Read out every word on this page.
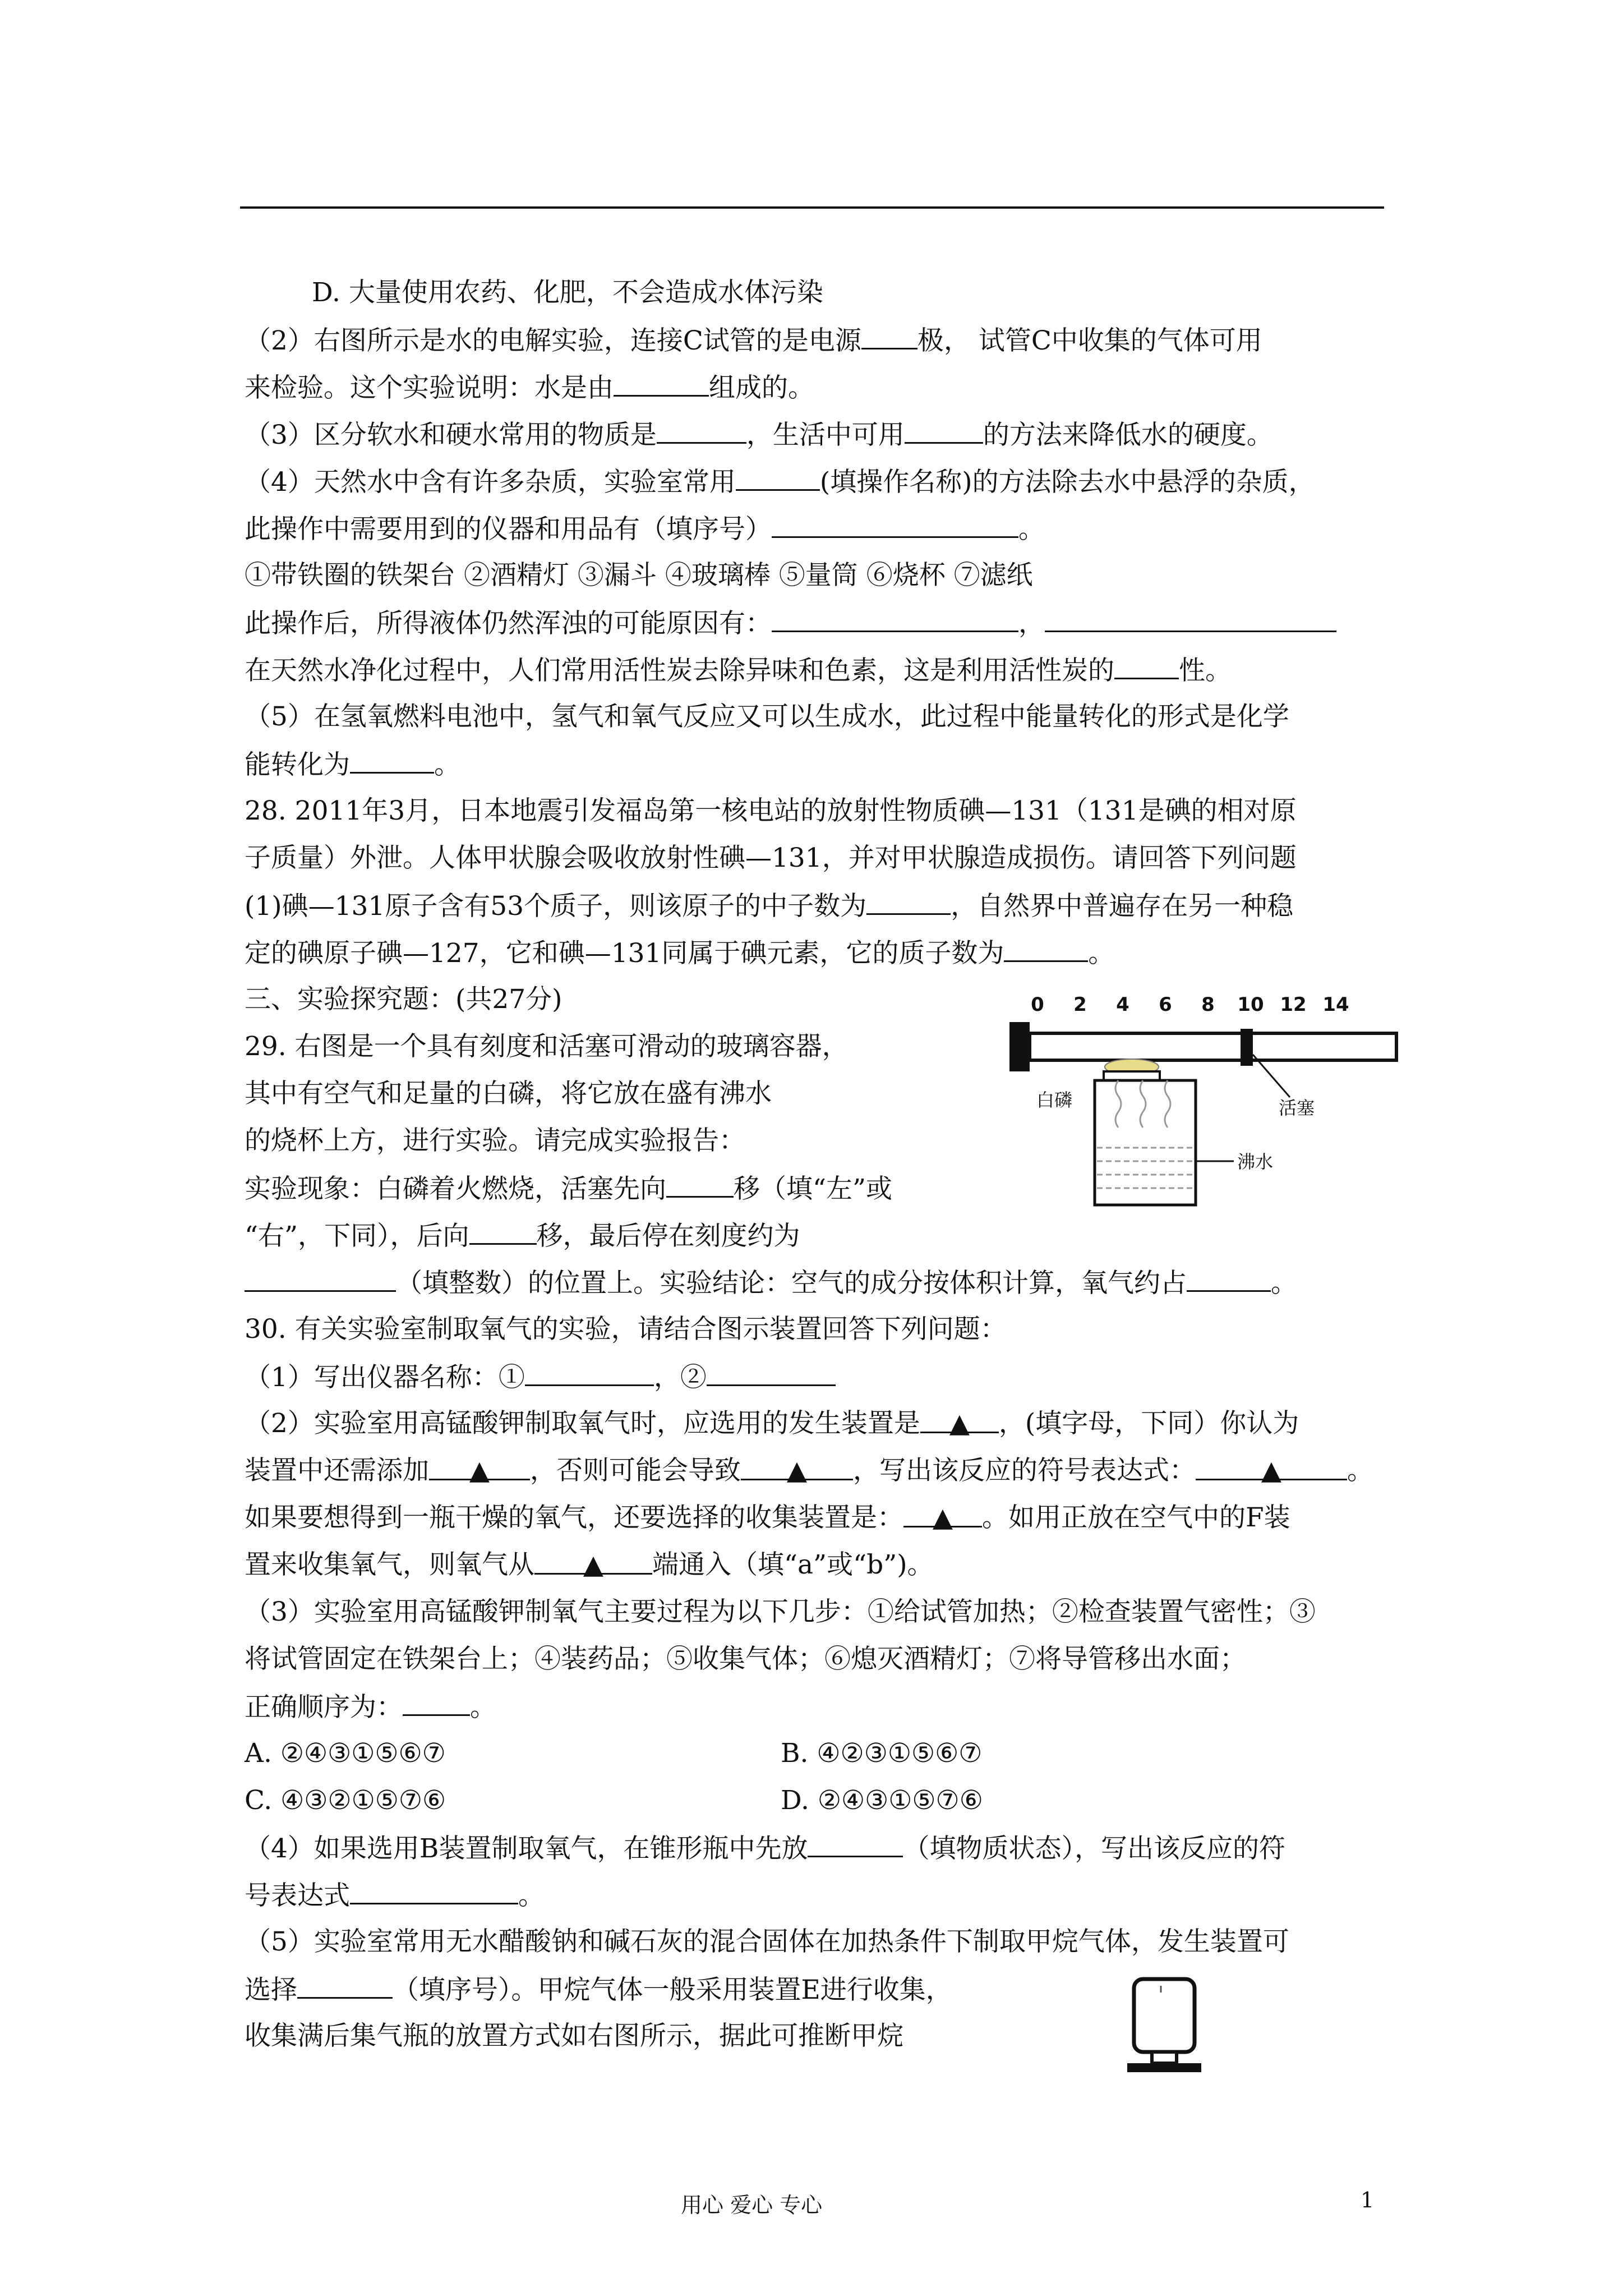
D. 大量使用农药、化肥，不会造成水体污染
（2）右图所示是水的电解实验，连接C试管的是电源 极， 试管C中收集的气体可用
来检验。这个实验说明：水是由	组成的。
（3）区分软水和硬水常用的物质是	，生活中可用	的方法来降低水的硬度。
（4）天然水中含有许多杂质，实验室常用	(填操作名称)的方法除去水中悬浮的杂质，
此操作中需要用到的仪器和用品有（填序号）	。
①带铁圈的铁架台 ②酒精灯 ③漏斗 ④玻璃棒 ⑤量筒 ⑥烧杯 ⑦滤纸
此操作后，所得液体仍然浑浊的可能原因有：	，
在天然水净化过程中，人们常用活性炭去除异味和色素，这是利用活性炭的 性。
（5）在氢氧燃料电池中，氢气和氧气反应又可以生成水，此过程中能量转化的形式是化学
能转化为	。
28. 2011年3月，日本地震引发福岛第一核电站的放射性物质碘—131（131是碘的相对原
子质量）外泄。人体甲状腺会吸收放射性碘—131，并对甲状腺造成损伤。请回答下列问题
(1)碘—131原子含有53个质子，则该原子的中子数为	，自然界中普遍存在另一种稳
定的碘原子碘—127，它和碘—131同属于碘元素，它的质子数为	。
三、实验探究题：(共27分)
29. 右图是一个具有刻度和活塞可滑动的玻璃容器，
其中有空气和足量的白磷，将它放在盛有沸水
的烧杯上方，进行实验。请完成实验报告：
实验现象：白磷着火燃烧，活塞先向	移（填“左”或
“右”，下同），后向	移，最后停在刻度约为
（填整数）的位置上。实验结论：空气的成分按体积计算，氧气约占	。
30. 有关实验室制取氧气的实验，请结合图示装置回答下列问题：
（1）写出仪器名称：①	，②
（2）实验室用高锰酸钾制取氧气时，应选用的发生装置是 ▲ ，(填字母，下同）你认为
装置中还需添加 ▲ ，否则可能会导致 ▲ ，写出该反应的符号表达式： ▲ 。
如果要想得到一瓶干燥的氧气，还要选择的收集装置是： ▲ 。如用正放在空气中的F装
置来收集氧气，则氧气从 ▲ 端通入（填“a”或“b”)。
（3）实验室用高锰酸钾制氧气主要过程为以下几步：①给试管加热；②检查装置气密性；③
将试管固定在铁架台上；④装药品；⑤收集气体；⑥熄灭酒精灯；⑦将导管移出水面；
正确顺序为：	。
A. ②④③①⑤⑥⑦	B. ④②③①⑤⑥⑦
C. ④③②①⑤⑦⑥	D. ②④③①⑤⑦⑥
（4）如果选用B装置制取氧气，在锥形瓶中先放	（填物质状态），写出该反应的符
号表达式	。
（5）实验室常用无水醋酸钠和碱石灰的混合固体在加热条件下制取甲烷气体，发生装置可
选择	（填序号）。甲烷气体一般采用装置E进行收集，
收集满后集气瓶的放置方式如右图所示，据此可推断甲烷
0 2 4 6 8 10 12 14
白磷	活塞
沸水
用心 爱心 专心	1
